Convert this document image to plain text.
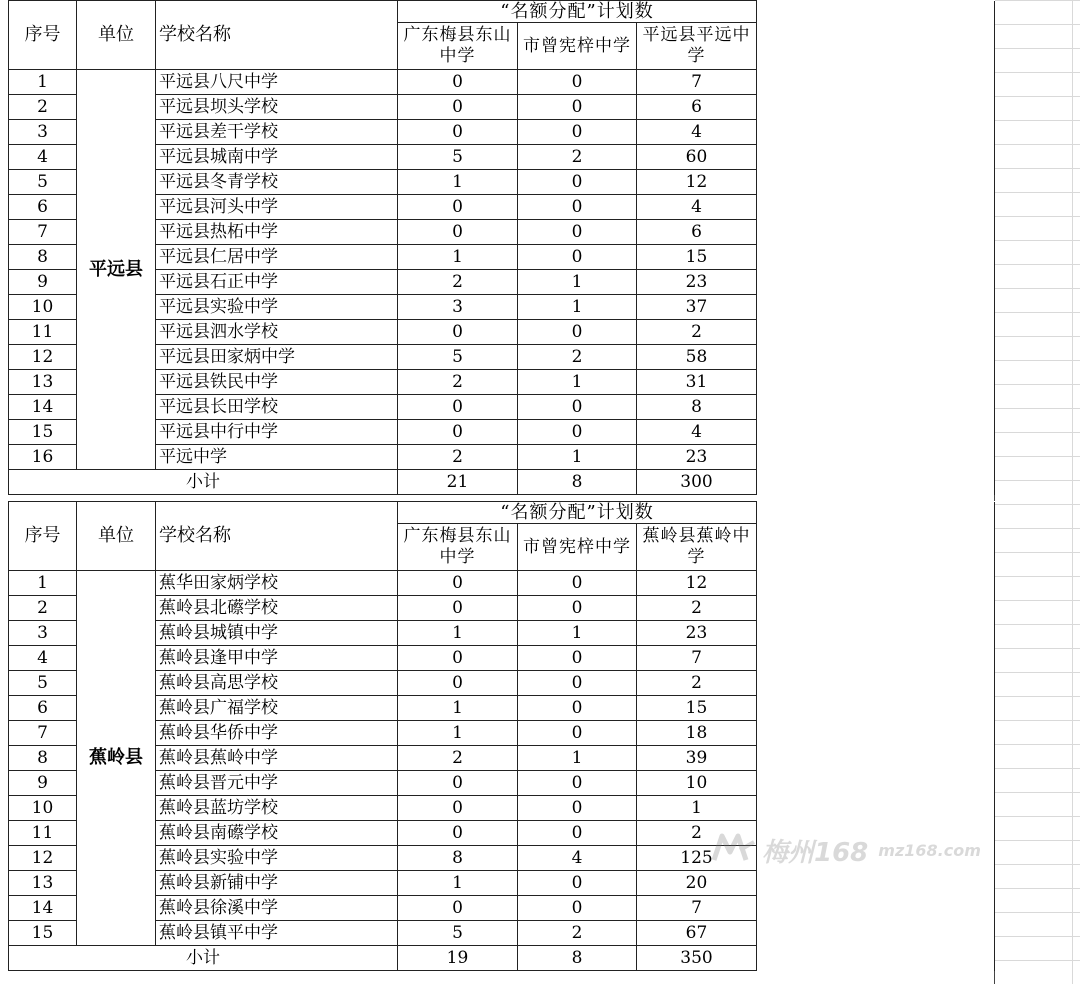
序号	单位	学校名称	“名额分配”计划数			
			广东梅县东山中学	市曾宪梓中学	平远县平远中学	
1	平远县	平远县八尺中学	0	0	7	
2		平远县坝头学校	0	0	6	
3		平远县差干学校	0	0	4	
4		平远县城南中学	5	2	60	
5		平远县冬青学校	1	0	12	
6		平远县河头中学	0	0	4	
7		平远县热柘中学	0	0	6	
8		平远县仁居中学	1	0	15	
9		平远县石正中学	2	1	23	
10		平远县实验中学	3	1	37	
11		平远县泗水学校	0	0	2	
12		平远县田家炳中学	5	2	58	
13		平远县铁民中学	2	1	31	
14		平远县长田学校	0	0	8	
15		平远县中行中学	0	0	4	
16		平远中学	2	1	23	
小计			21	8	300	
序号	单位	学校名称	“名额分配”计划数			
			广东梅县东山中学	市曾宪梓中学	蕉岭县蕉岭中学	
1	蕉岭县	蕉华田家炳学校	0	0	12	
2		蕉岭县北礤学校	0	0	2	
3		蕉岭县城镇中学	1	1	23	
4		蕉岭县逢甲中学	0	0	7	
5		蕉岭县高思学校	0	0	2	
6		蕉岭县广福学校	1	0	15	
7		蕉岭县华侨中学	1	0	18	
8		蕉岭县蕉岭中学	2	1	39	
9		蕉岭县晋元中学	0	0	10	
10		蕉岭县蓝坊学校	0	0	1	
11		蕉岭县南礤学校	0	0	2	
12		蕉岭县实验中学	8	4	125	
13		蕉岭县新铺中学	1	0	20	
14		蕉岭县徐溪中学	0	0	7	
15		蕉岭县镇平中学	5	2	67	
小计			19	8	350	
梅州168 mz168.com
